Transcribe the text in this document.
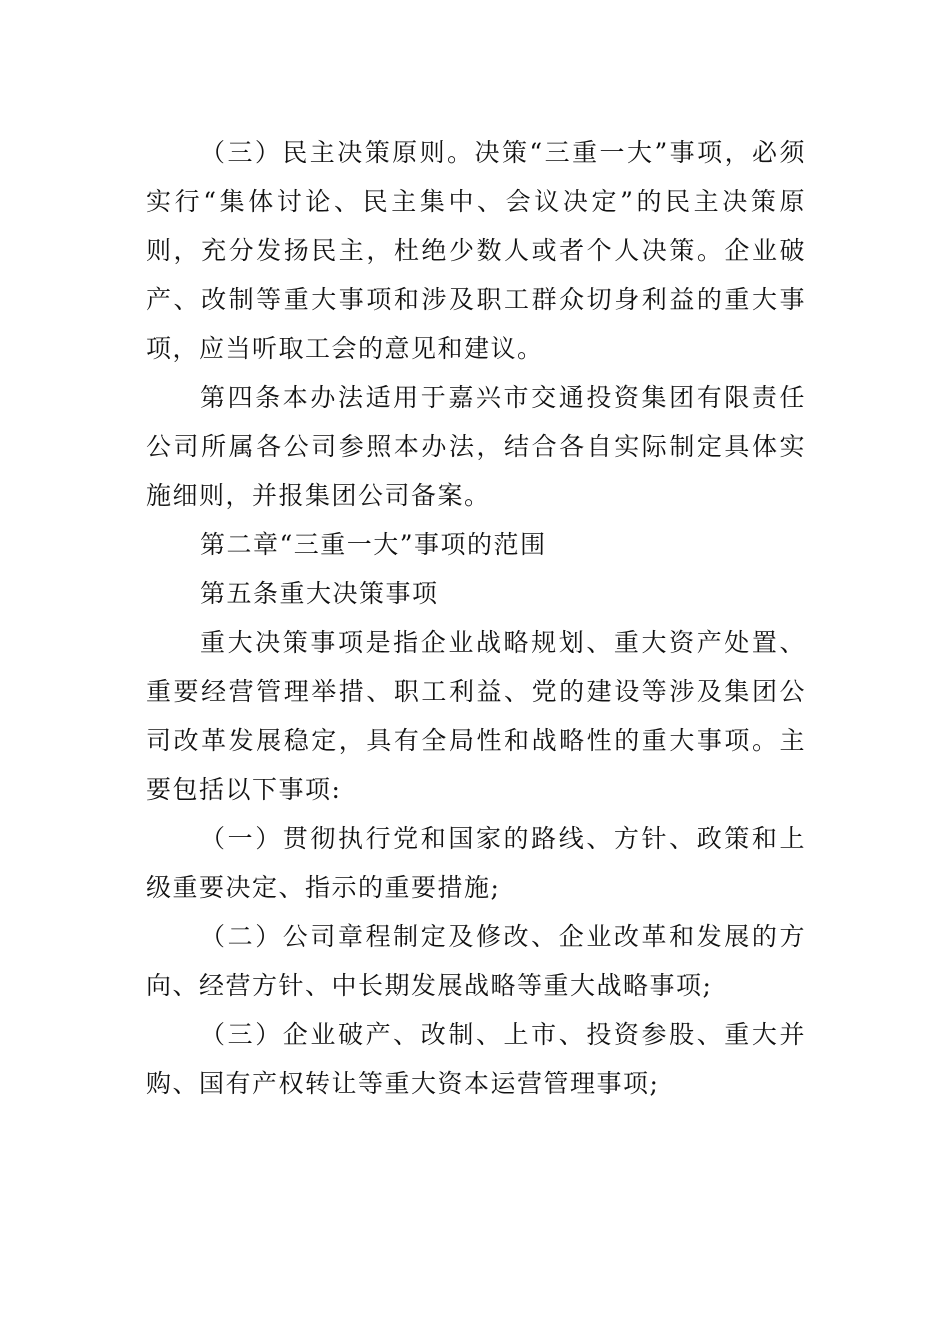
（三）民主决策原则。决策“三重一大”事项，必须实行“集体讨论、民主集中、会议决定”的民主决策原则，充分发扬民主，杜绝少数人或者个人决策。企业破产、改制等重大事项和涉及职工群众切身利益的重大事项，应当听取工会的意见和建议。

第四条本办法适用于嘉兴市交通投资集团有限责任公司所属各公司参照本办法，结合各自实际制定具体实施细则，并报集团公司备案。

第二章“三重一大”事项的范围

第五条重大决策事项

重大决策事项是指企业战略规划、重大资产处置、重要经营管理举措、职工利益、党的建设等涉及集团公司改革发展稳定，具有全局性和战略性的重大事项。主要包括以下事项:

（一）贯彻执行党和国家的路线、方针、政策和上级重要决定、指示的重要措施;

（二）公司章程制定及修改、企业改革和发展的方向、经营方针、中长期发展战略等重大战略事项;

（三）企业破产、改制、上市、投资参股、重大并购、国有产权转让等重大资本运营管理事项;
